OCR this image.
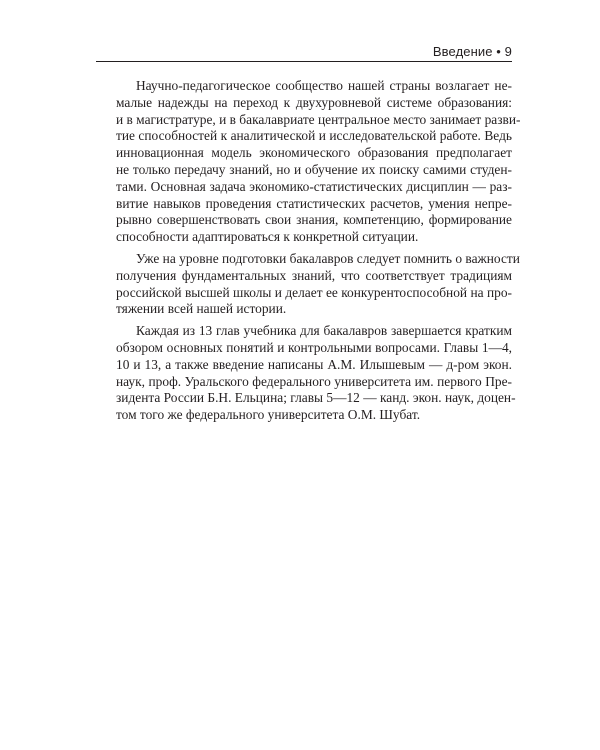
Введение • 9
Научно-педагогическое сообщество нашей страны возлагает не-
малые надежды на переход к двухуровневой системе образования:
и в магистратуре, и в бакалавриате центральное место занимает разви-
тие способностей к аналитической и исследовательской работе. Ведь
инновационная модель экономического образования предполагает
не только передачу знаний, но и обучение их поиску самими студен-
тами. Основная задача экономико-статистических дисциплин — раз-
витие навыков проведения статистических расчетов, умения непре-
рывно совершенствовать свои знания, компетенцию, формирование
способности адаптироваться к конкретной ситуации.
Уже на уровне подготовки бакалавров следует помнить о важности
получения фундаментальных знаний, что соответствует традициям
российской высшей школы и делает ее конкурентоспособной на про-
тяжении всей нашей истории.
Каждая из 13 глав учебника для бакалавров завершается кратким
обзором основных понятий и контрольными вопросами. Главы 1—4,
10 и 13, а также введение написаны А.М. Илышевым — д-ром экон.
наук, проф. Уральского федерального университета им. первого Пре-
зидента России Б.Н. Ельцина; главы 5—12 — канд. экон. наук, доцен-
том того же федерального университета О.М. Шубат.
